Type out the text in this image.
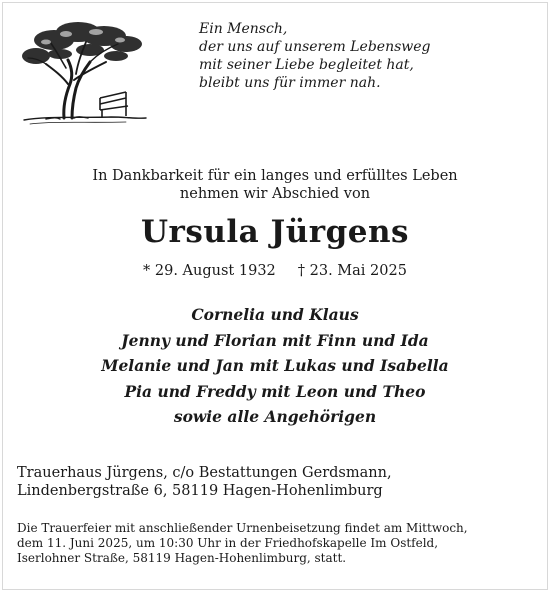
Ein Mensch,
der uns auf unserem Lebensweg
mit seiner Liebe begleitet hat,
bleibt uns für immer nah.
In Dankbarkeit für ein langes und erfülltes Leben
nehmen wir Abschied von
Ursula Jürgens
* 29. August 1932 † 23. Mai 2025
Cornelia und Klaus
Jenny und Florian mit Finn und Ida
Melanie und Jan mit Lukas und Isabella
Pia und Freddy mit Leon und Theo
sowie alle Angehörigen
Trauerhaus Jürgens, c/o Bestattungen Gerdsmann,
Lindenbergstraße 6, 58119 Hagen-Hohenlimburg
Die Trauerfeier mit anschließender Urnenbeisetzung findet am Mittwoch,
dem 11. Juni 2025, um 10:30 Uhr in der Friedhofskapelle Im Ostfeld,
Iserlohner Straße, 58119 Hagen-Hohenlimburg, statt.
